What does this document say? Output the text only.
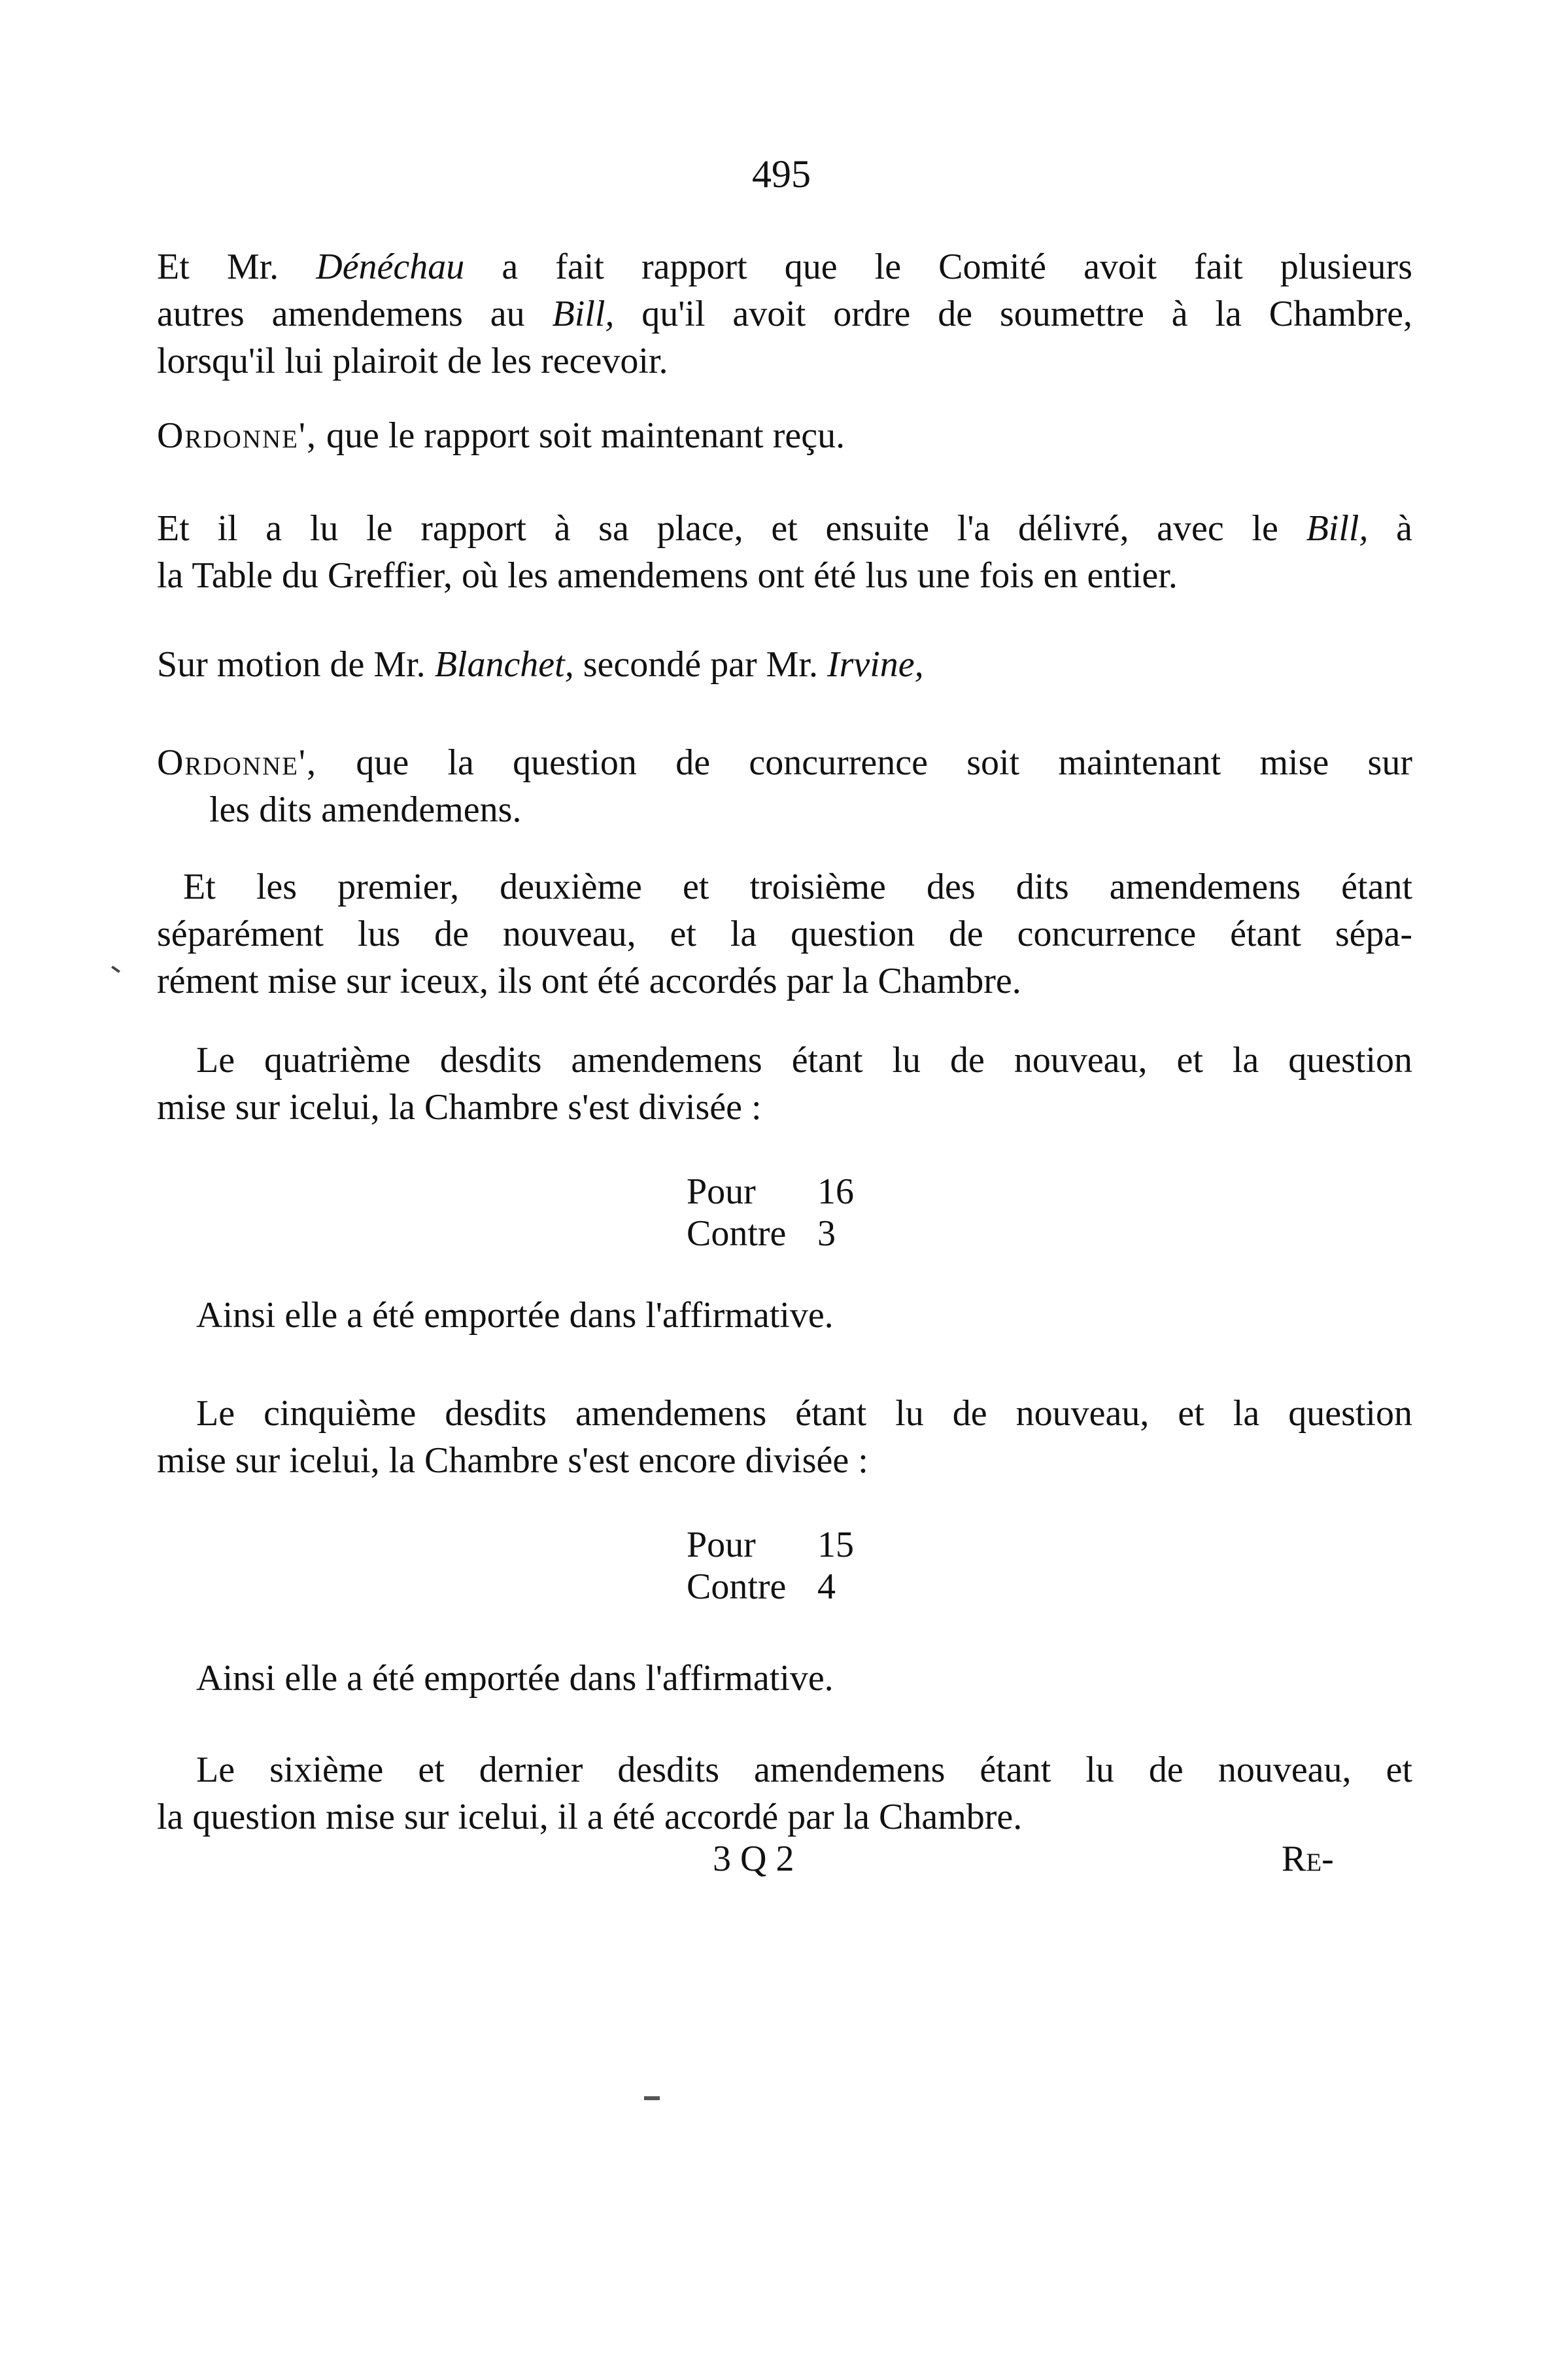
495
Et Mr. Dénéchau a fait rapport que le Comité avoit fait plusieurs
autres amendemens au Bill, qu'il avoit ordre de soumettre à la Chambre,
lorsqu'il lui plairoit de les recevoir.
Ordonne', que le rapport soit maintenant reçu.
Et il a lu le rapport à sa place, et ensuite l'a délivré, avec le Bill, à
la Table du Greffier, où les amendemens ont été lus une fois en entier.
Sur motion de Mr. Blanchet, secondé par Mr. Irvine,
Ordonne', que la question de concurrence soit maintenant mise sur
les dits amendemens.
Et les premier, deuxième et troisième des dits amendemens étant
séparément lus de nouveau, et la question de concurrence étant sépa-
rément mise sur iceux, ils ont été accordés par la Chambre.
Le quatrième desdits amendemens étant lu de nouveau, et la question
mise sur icelui, la Chambre s'est divisée :
Pour 16
Contre 3
Ainsi elle a été emportée dans l'affirmative.
Le cinquième desdits amendemens étant lu de nouveau, et la question
mise sur icelui, la Chambre s'est encore divisée :
Pour 15
Contre 4
Ainsi elle a été emportée dans l'affirmative.
Le sixième et dernier desdits amendemens étant lu de nouveau, et
la question mise sur icelui, il a été accordé par la Chambre.
3 Q 2	Re-
